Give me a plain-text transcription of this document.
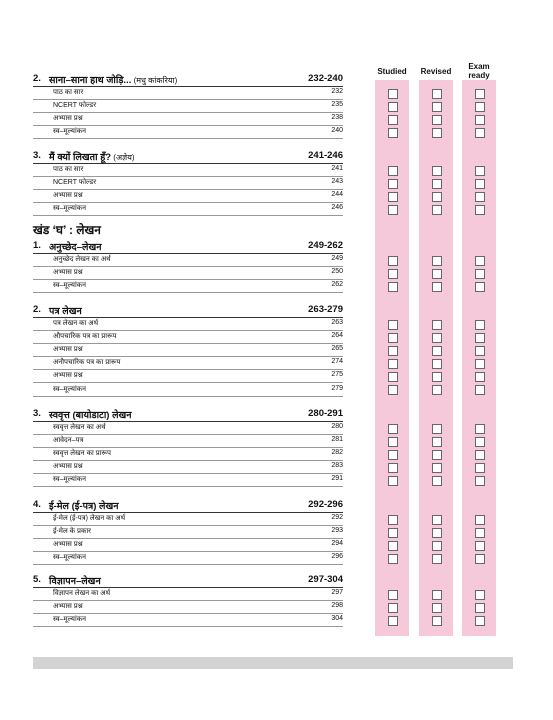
Studied	Revised
Exam
ready
खंड ‘घ’ : लेखन
2. साना–साना हाथ जोड़ि... (मधु कांकरिया)	232-240
पाठ का सार	232
NCERT फोल्डर	235
अभ्यास प्रश्न	238
स्व–मूल्यांकन	240
3. मैं क्यों लिखता हूँ? (अज्ञेय)	241-246
पाठ का सार	241
NCERT फोल्डर	243
अभ्यास प्रश्न	244
स्व–मूल्यांकन	246
1. अनुच्छेद–लेखन	249-262
अनुच्छेद लेखन का अर्थ	249
अभ्यास प्रश्न	250
स्व–मूल्यांकन	262
2. पत्र लेखन	263-279
पत्र लेखन का अर्थ	263
औपचारिक पत्र का प्रारूप	264
अभ्यास प्रश्न	265
अनौपचारिक पत्र का प्रारूप	274
अभ्यास प्रश्न	275
स्व–मूल्यांकन	279
3. स्ववृत्त (बायोडाटा) लेखन	280-291
स्ववृत्त लेखन का अर्थ	280
आवेदन–पत्र	281
स्ववृत्त लेखन का प्रारूप	282
अभ्यास प्रश्न	283
स्व–मूल्यांकन	291
4. ई-मेल (ई-पत्र) लेखन	292-296
ई-मेल (ई-पत्र) लेखन का अर्थ	292
ई-मेल के प्रकार	293
अभ्यास प्रश्न	294
स्व–मूल्यांकन	296
5. विज्ञापन–लेखन	297-304
विज्ञापन लेखन का अर्थ	297
अभ्यास प्रश्न	298
स्व–मूल्यांकन	304
